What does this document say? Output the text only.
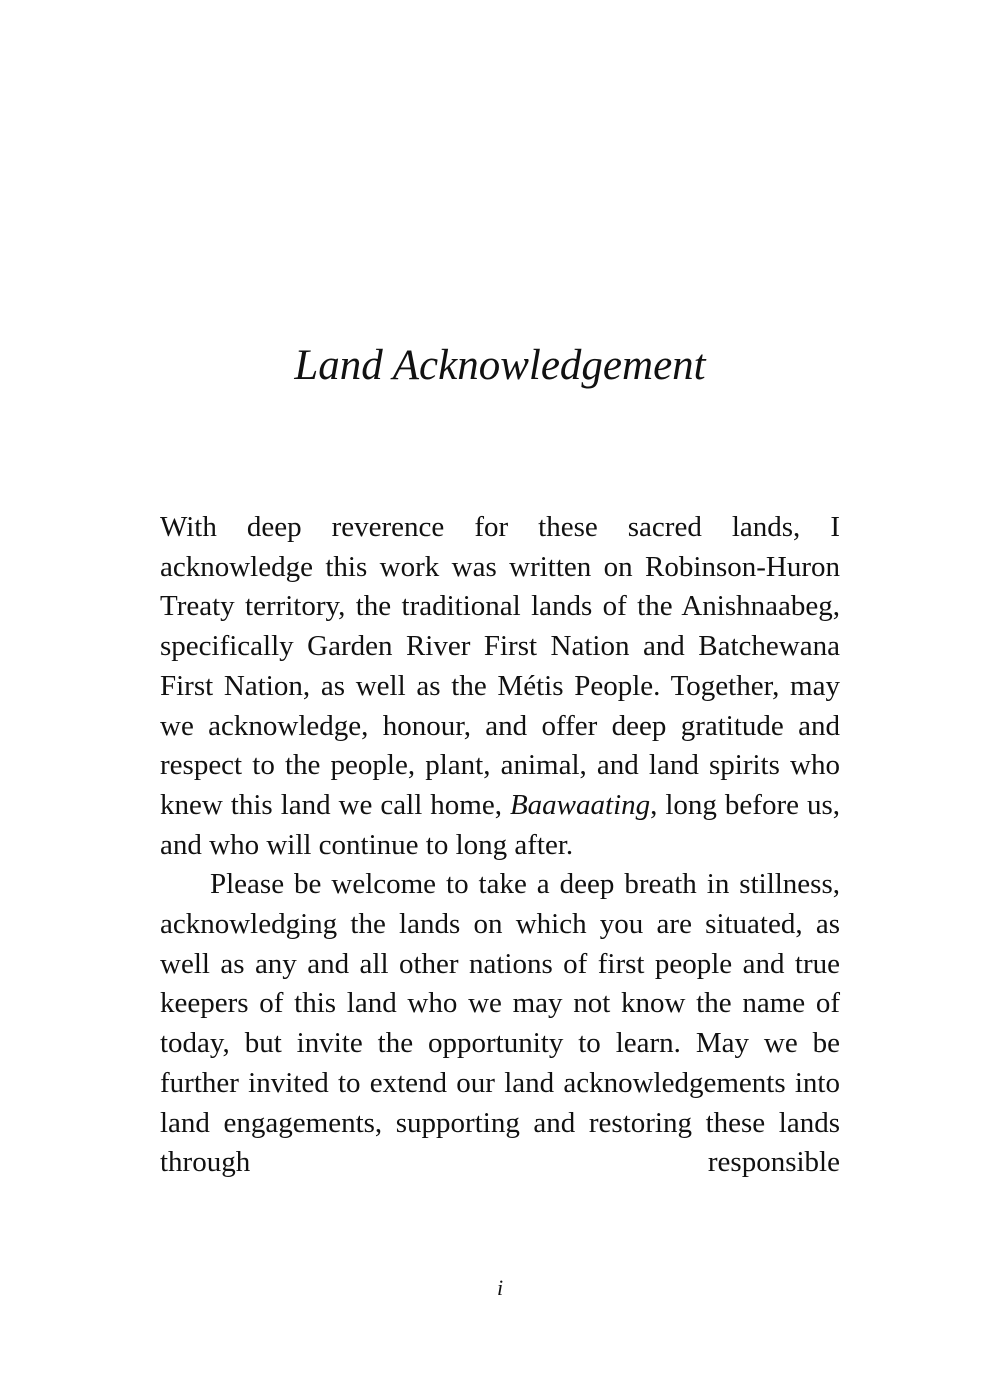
Land Acknowledgement

With deep reverence for these sacred lands, I acknowledge this work was written on Robinson-Huron Treaty territory, the traditional lands of the Anishnaabeg, specifically Garden River First Nation and Batchewana First Nation, as well as the Métis People. Together, may we acknowledge, honour, and offer deep gratitude and respect to the people, plant, animal, and land spirits who knew this land we call home, Baawaating, long before us, and who will continue to long after.

Please be welcome to take a deep breath in stillness, acknowledging the lands on which you are situated, as well as any and all other nations of first people and true keepers of this land who we may not know the name of today, but invite the opportunity to learn. May we be further invited to extend our land acknowledgements into land engagements, supporting and restoring these lands through responsible

i
